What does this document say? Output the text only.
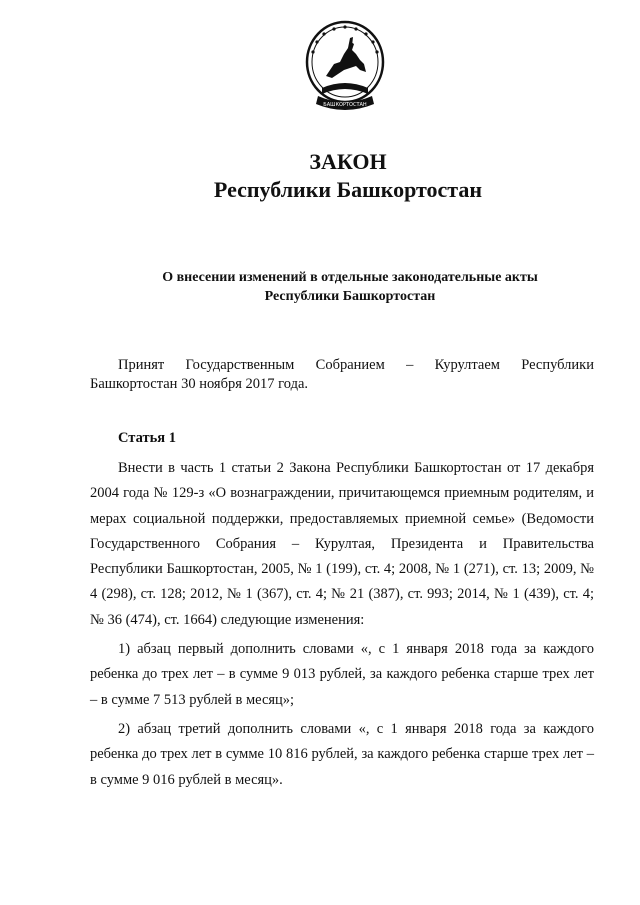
БАШКОРТОСТАН
ЗАКОН
Республики Башкортостан
О внесении изменений в отдельные законодательные акты
Республики Башкортостан
Принят Государственным Собранием – Курултаем Республики Башкортостан 30 ноября 2017 года.
Статья 1

Внести в часть 1 статьи 2 Закона Республики Башкортостан от 17 декабря 2004 года № 129-з «О вознаграждении, причитающемся приемным родителям, и мерах социальной поддержки, предоставляемых приемной семье» (Ведомости Государственного Собрания – Курултая, Президента и Правительства Республики Башкортостан, 2005, № 1 (199), ст. 4; 2008, № 1 (271), ст. 13; 2009, № 4 (298), ст. 128; 2012, № 1 (367), ст. 4; № 21 (387), ст. 993; 2014, № 1 (439), ст. 4; № 36 (474), ст. 1664) следующие изменения:

1) абзац первый дополнить словами «, с 1 января 2018 года за каждого ребенка до трех лет – в сумме 9 013 рублей, за каждого ребенка старше трех лет – в сумме 7 513 рублей в месяц»;

2) абзац третий дополнить словами «, с 1 января 2018 года за каждого ребенка до трех лет в сумме 10 816 рублей, за каждого ребенка старше трех лет – в сумме 9 016 рублей в месяц».
